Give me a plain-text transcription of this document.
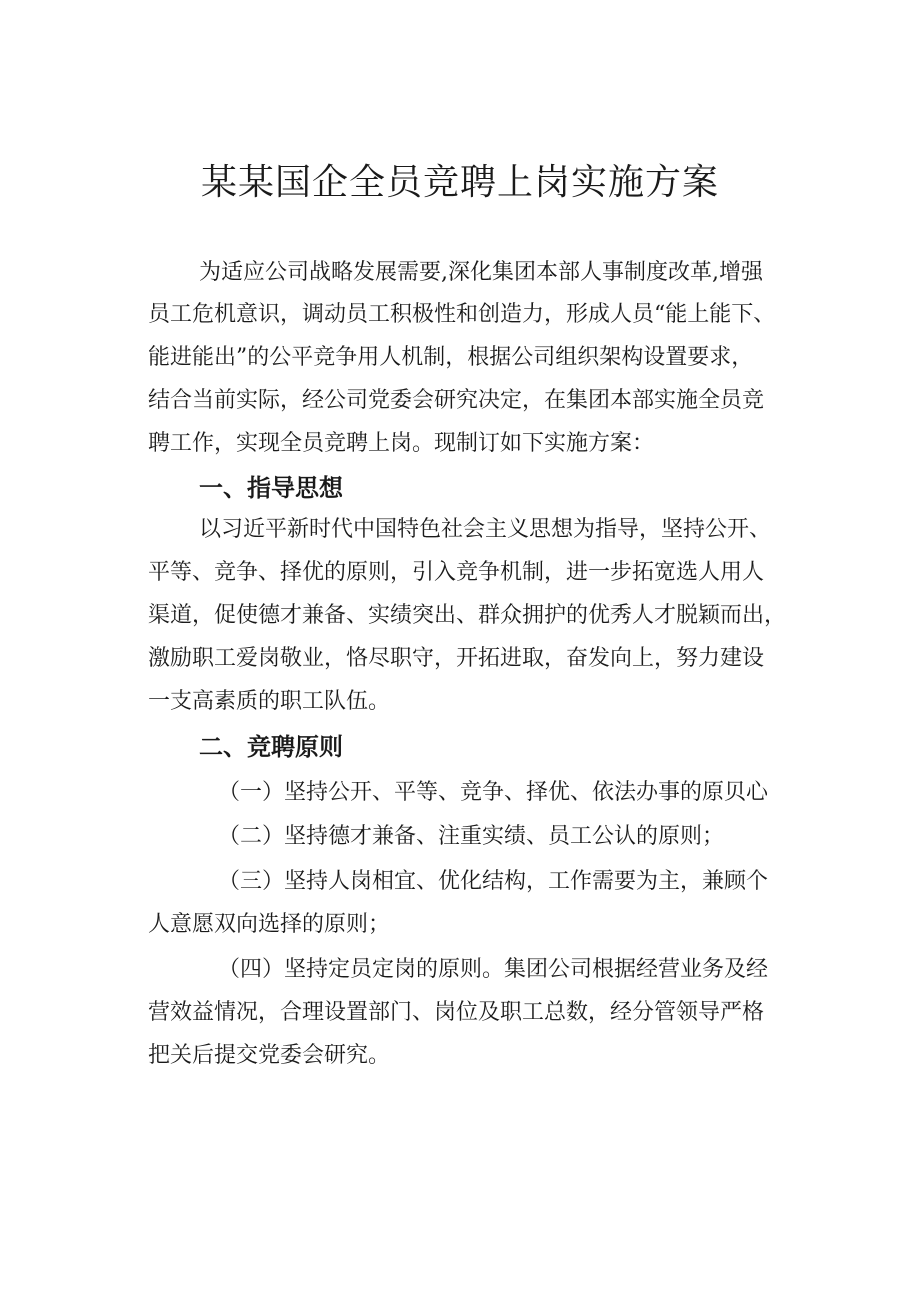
某某国企全员竞聘上岗实施方案
为适应公司战略发展需要,深化集团本部人事制度改革,增强
员工危机意识，调动员工积极性和创造力，形成人员“能上能下、
能进能出”的公平竞争用人机制，根据公司组织架构设置要求，
结合当前实际，经公司党委会研究决定，在集团本部实施全员竞
聘工作，实现全员竞聘上岗。现制订如下实施方案：
一、指导思想
以习近平新时代中国特色社会主义思想为指导，坚持公开、
平等、竞争、择优的原则，引入竞争机制，进一步拓宽选人用人
渠道，促使德才兼备、实绩突出、群众拥护的优秀人才脱颖而出，
激励职工爱岗敬业，恪尽职守，开拓进取，奋发向上，努力建设
一支高素质的职工队伍。
二、竞聘原则
（一）坚持公开、平等、竞争、择优、依法办事的原贝心
（二）坚持德才兼备、注重实绩、员工公认的原则；
（三）坚持人岗相宜、优化结构，工作需要为主，兼顾个
人意愿双向选择的原则；
（四）坚持定员定岗的原则。集团公司根据经营业务及经
营效益情况，合理设置部门、岗位及职工总数，经分管领导严格
把关后提交党委会研究。
